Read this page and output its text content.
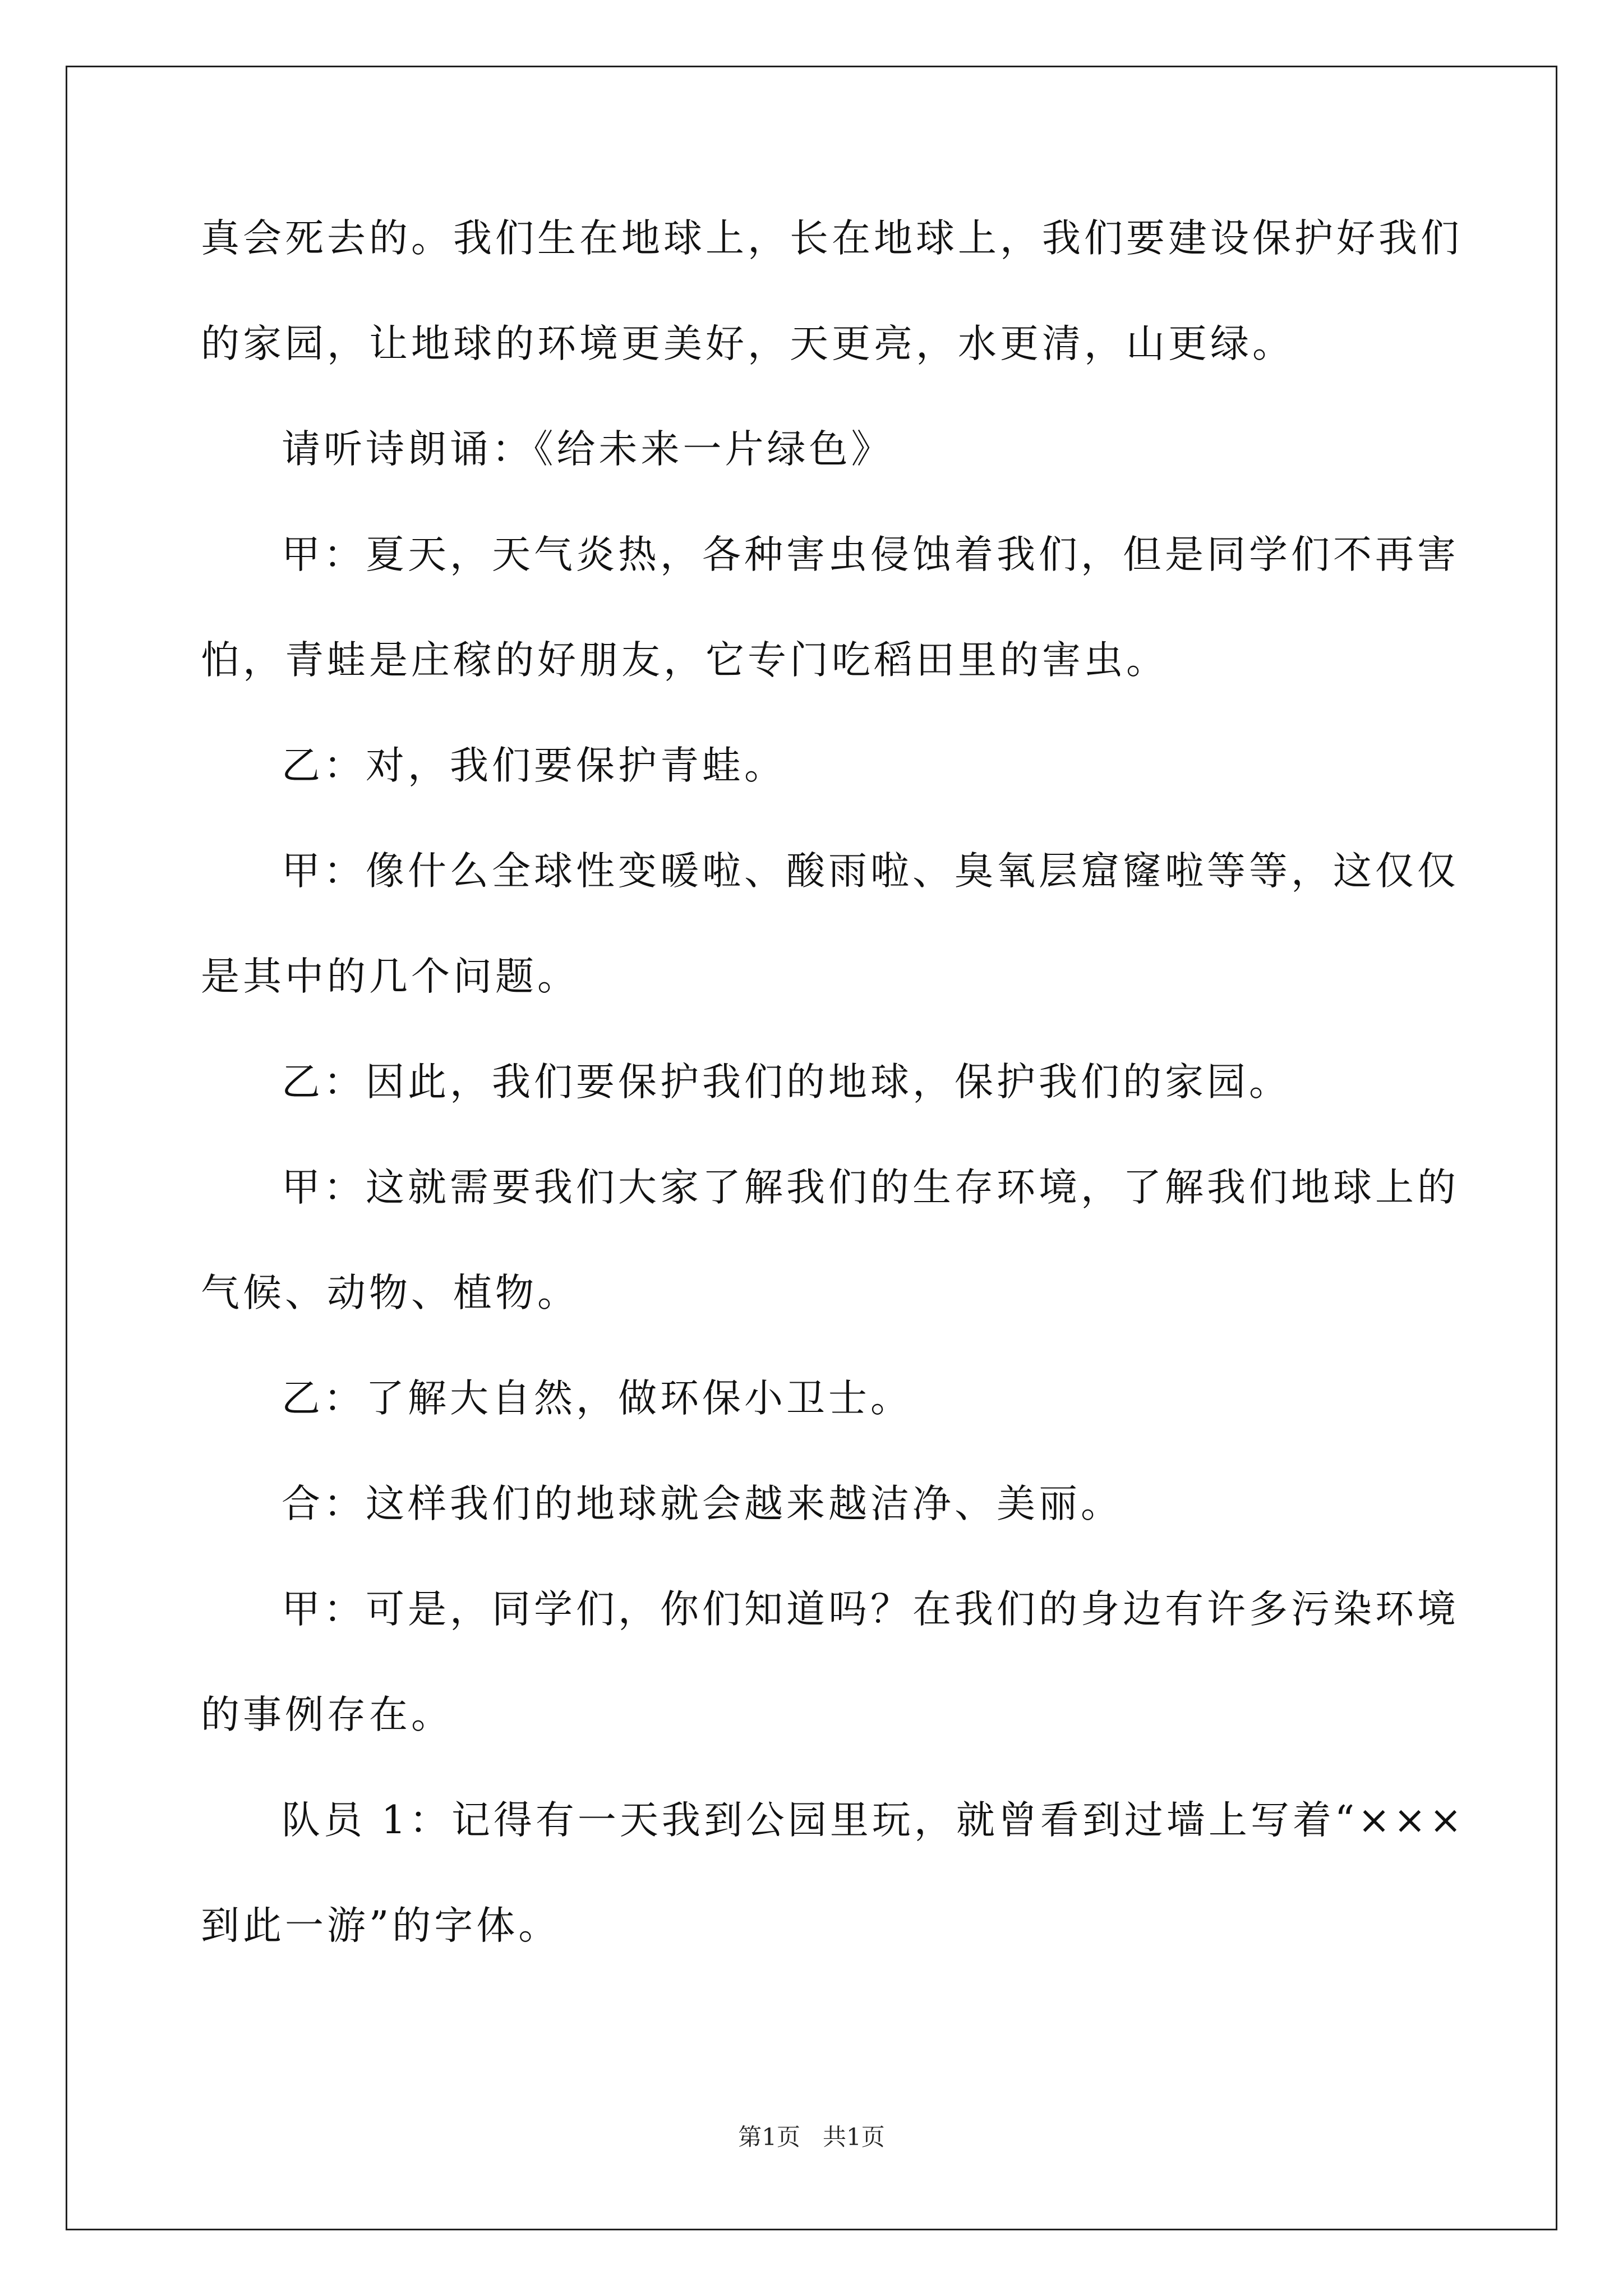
真会死去的。我们生在地球上，长在地球上，我们要建设保护好我们
的家园，让地球的环境更美好，天更亮，水更清，山更绿。
请听诗朗诵：《给未来一片绿色》
甲：夏天，天气炎热，各种害虫侵蚀着我们，但是同学们不再害
怕，青蛙是庄稼的好朋友，它专门吃稻田里的害虫。
乙：对，我们要保护青蛙。
甲：像什么全球性变暖啦、酸雨啦、臭氧层窟窿啦等等，这仅仅
是其中的几个问题。
乙：因此，我们要保护我们的地球，保护我们的家园。
甲：这就需要我们大家了解我们的生存环境，了解我们地球上的
气候、动物、植物。
乙：了解大自然，做环保小卫士。
合：这样我们的地球就会越来越洁净、美丽。
甲：可是，同学们，你们知道吗？在我们的身边有许多污染环境
的事例存在。
队员 1：记得有一天我到公园里玩，就曾看到过墙上写着“×××
到此一游”的字体。
第1页   共1页
